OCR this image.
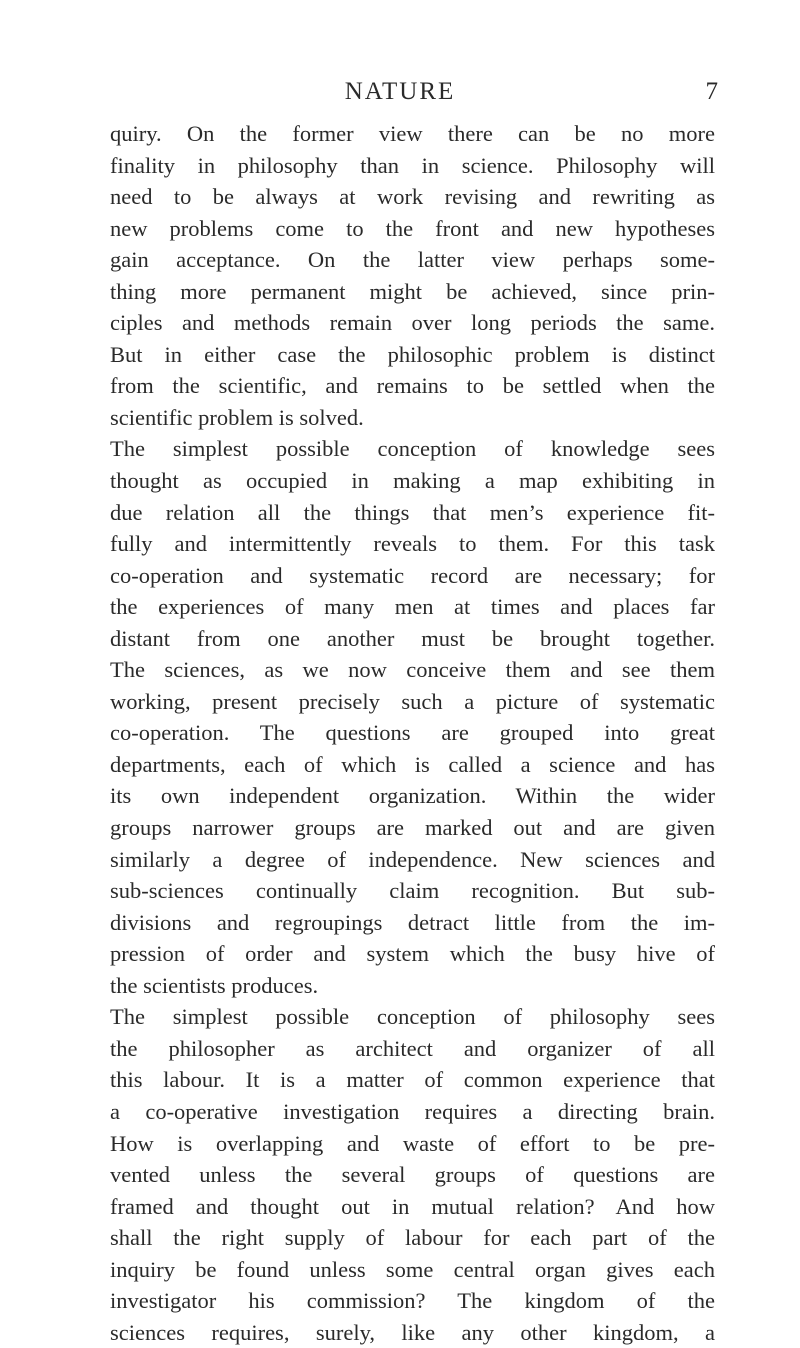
NATURE	7
quiry. On the former view there can be no more
finality in philosophy than in science. Philosophy will
need to be always at work revising and rewriting as
new problems come to the front and new hypotheses
gain acceptance. On the latter view perhaps some-
thing more permanent might be achieved, since prin-
ciples and methods remain over long periods the same.
But in either case the philosophic problem is distinct
from the scientific, and remains to be settled when the
scientific problem is solved.
The simplest possible conception of knowledge sees
thought as occupied in making a map exhibiting in
due relation all the things that men’s experience fit-
fully and intermittently reveals to them. For this task
co-operation and systematic record are necessary; for
the experiences of many men at times and places far
distant from one another must be brought together.
The sciences, as we now conceive them and see them
working, present precisely such a picture of systematic
co-operation. The questions are grouped into great
departments, each of which is called a science and has
its own independent organization. Within the wider
groups narrower groups are marked out and are given
similarly a degree of independence. New sciences and
sub-sciences continually claim recognition. But sub-
divisions and regroupings detract little from the im-
pression of order and system which the busy hive of
the scientists produces.
The simplest possible conception of philosophy sees
the philosopher as architect and organizer of all
this labour. It is a matter of common experience that
a co-operative investigation requires a directing brain.
How is overlapping and waste of effort to be pre-
vented unless the several groups of questions are
framed and thought out in mutual relation? And how
shall the right supply of labour for each part of the
inquiry be found unless some central organ gives each
investigator his commission? The kingdom of the
sciences requires, surely, like any other kingdom, a
